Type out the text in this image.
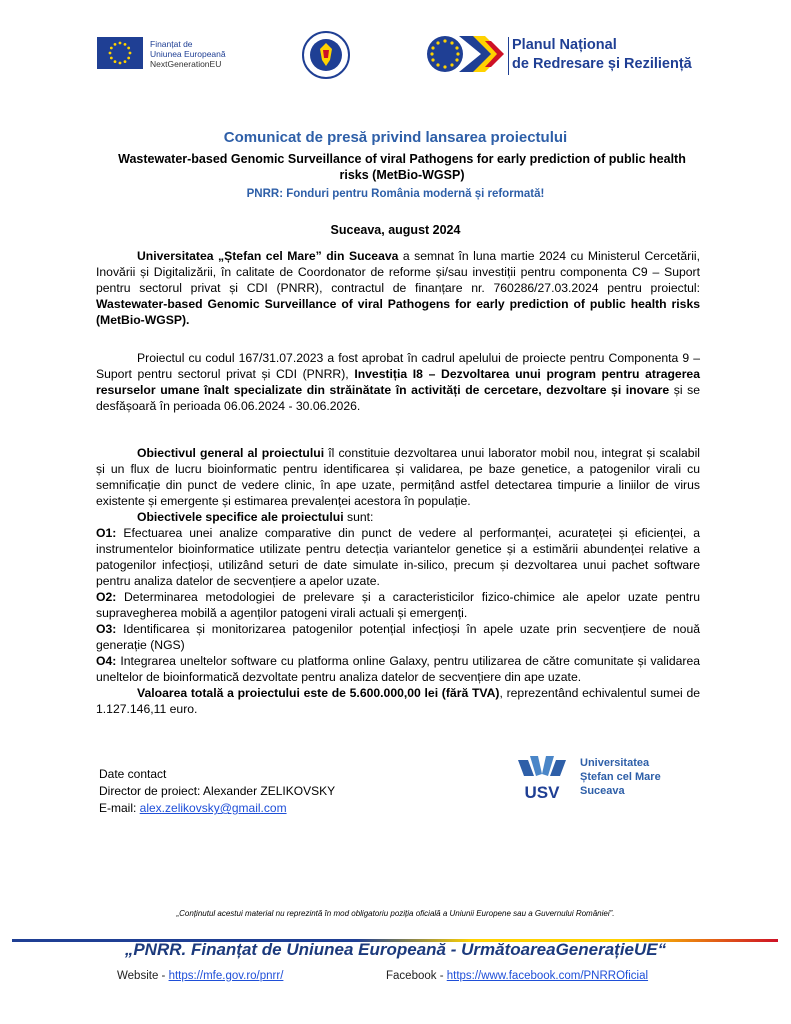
Finanțat de
Uniunea Europeană
NextGenerationEU
Planul Național
de Redresare și Reziliență
Comunicat de presă privind lansarea proiectului
Wastewater-based Genomic Surveillance of viral Pathogens for early prediction of public health risks (MetBio-WGSP)
PNRR: Fonduri pentru România modernă și reformată!
Suceava, august 2024

Universitatea „Ștefan cel Mare” din Suceava a semnat în luna martie 2024 cu Ministerul Cercetării, Inovării și Digitalizării, în calitate de Coordonator de reforme și/sau investiții pentru componenta C9 – Suport pentru sectorul privat și CDI (PNRR), contractul de finanțare nr. 760286/27.03.2024 pentru proiectul: Wastewater-based Genomic Surveillance of viral Pathogens for early prediction of public health risks (MetBio-WGSP).

Proiectul cu codul 167/31.07.2023 a fost aprobat în cadrul apelului de proiecte pentru Componenta 9 – Suport pentru sectorul privat și CDI (PNRR), Investiția I8 – Dezvoltarea unui program pentru atragerea resurselor umane înalt specializate din străinătate în activități de cercetare, dezvoltare și inovare și se desfășoară în perioada 06.06.2024 - 30.06.2026.

Obiectivul general al proiectului îl constituie dezvoltarea unui laborator mobil nou, integrat și scalabil și un flux de lucru bioinformatic pentru identificarea și validarea, pe baze genetice, a patogenilor virali cu semnificație din punct de vedere clinic, în ape uzate, permițând astfel detectarea timpurie a liniilor de virus existente și emergente și estimarea prevalenței acestora în populație.

Obiectivele specifice ale proiectului sunt:

O1: Efectuarea unei analize comparative din punct de vedere al performanței, acurateței și eficienței, a instrumentelor bioinformatice utilizate pentru detecția variantelor genetice și a estimării abundenței relative a patogenilor infecțioși, utilizând seturi de date simulate in-silico, precum și dezvoltarea unui pachet software pentru analiza datelor de secvențiere a apelor uzate.

O2: Determinarea metodologiei de prelevare și a caracteristicilor fizico-chimice ale apelor uzate pentru supravegherea mobilă a agenților patogeni virali actuali și emergenți.

O3: Identificarea și monitorizarea patogenilor potențial infecțioși în apele uzate prin secvențiere de nouă generație (NGS)

O4: Integrarea uneltelor software cu platforma online Galaxy, pentru utilizarea de către comunitate și validarea uneltelor de bioinformatică dezvoltate pentru analiza datelor de secvențiere din ape uzate.

Valoarea totală a proiectului este de 5.600.000,00 lei (fără TVA), reprezentând echivalentul sumei de 1.127.146,11 euro.

Date contact
Director de proiect: Alexander ZELIKOVSKY
E-mail: alex.zelikovsky@gmail.com
USV
Universitatea
Ștefan cel Mare
Suceava
„Conținutul acestui material nu reprezintă în mod obligatoriu poziția oficială a Uniunii Europene sau a Guvernului României”.
„PNRR. Finanțat de Uniunea Europeană - UrmătoareaGenerațieUE“
Website - https://mfe.gov.ro/pnrr/	Facebook - https://www.facebook.com/PNRROficial
